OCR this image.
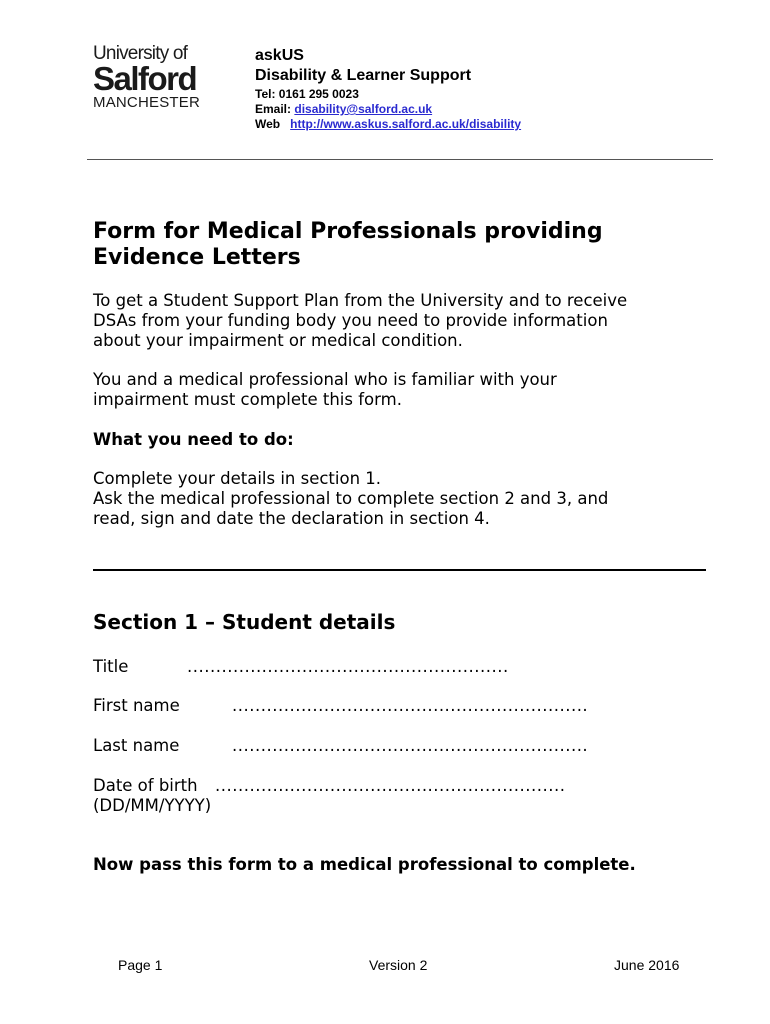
University of
Salford
MANCHESTER
askUS
Disability & Learner Support
Tel: 0161 295 0023
Email: disability@salford.ac.uk
Web http://www.askus.salford.ac.uk/disability
Form for Medical Professionals providing
Evidence Letters

To get a Student Support Plan from the University and to receive
DSAs from your funding body you need to provide information
about your impairment or medical condition.

You and a medical professional who is familiar with your
impairment must complete this form.

What you need to do:

Complete your details in section 1.
Ask the medical professional to complete section 2 and 3, and
read, sign and date the declaration in section 4.

Section 1 – Student details
Title	........................................................
First name	..............................................................
Last name	..............................................................
Date of birth .............................................................
(DD/MM/YYYY)
Now pass this form to a medical professional to complete.
Page 1	Version 2	June 2016
